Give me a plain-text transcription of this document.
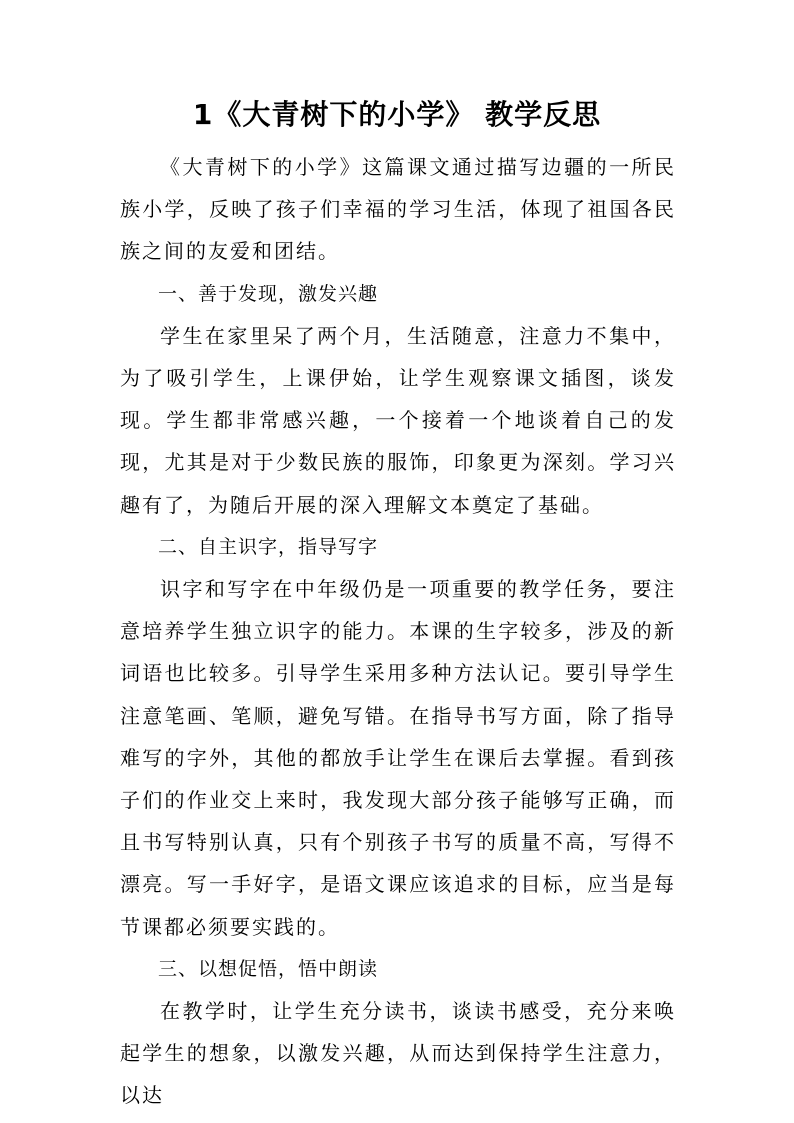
1《大青树下的小学》 教学反思

《大青树下的小学》这篇课文通过描写边疆的一所民族小学，反映了孩子们幸福的学习生活，体现了祖国各民族之间的友爱和团结。

一、善于发现，激发兴趣

学生在家里呆了两个月，生活随意，注意力不集中，为了吸引学生，上课伊始，让学生观察课文插图，谈发现。学生都非常感兴趣，一个接着一个地谈着自己的发现，尤其是对于少数民族的服饰，印象更为深刻。学习兴趣有了，为随后开展的深入理解文本奠定了基础。

二、自主识字，指导写字

识字和写字在中年级仍是一项重要的教学任务，要注意培养学生独立识字的能力。本课的生字较多，涉及的新词语也比较多。引导学生采用多种方法认记。要引导学生注意笔画、笔顺，避免写错。在指导书写方面，除了指导难写的字外，其他的都放手让学生在课后去掌握。看到孩子们的作业交上来时，我发现大部分孩子能够写正确，而且书写特别认真，只有个别孩子书写的质量不高，写得不漂亮。写一手好字，是语文课应该追求的目标，应当是每节课都必须要实践的。

三、以想促悟，悟中朗读

在教学时，让学生充分读书，谈读书感受，充分来唤起学生的想象，以激发兴趣，从而达到保持学生注意力，以达
